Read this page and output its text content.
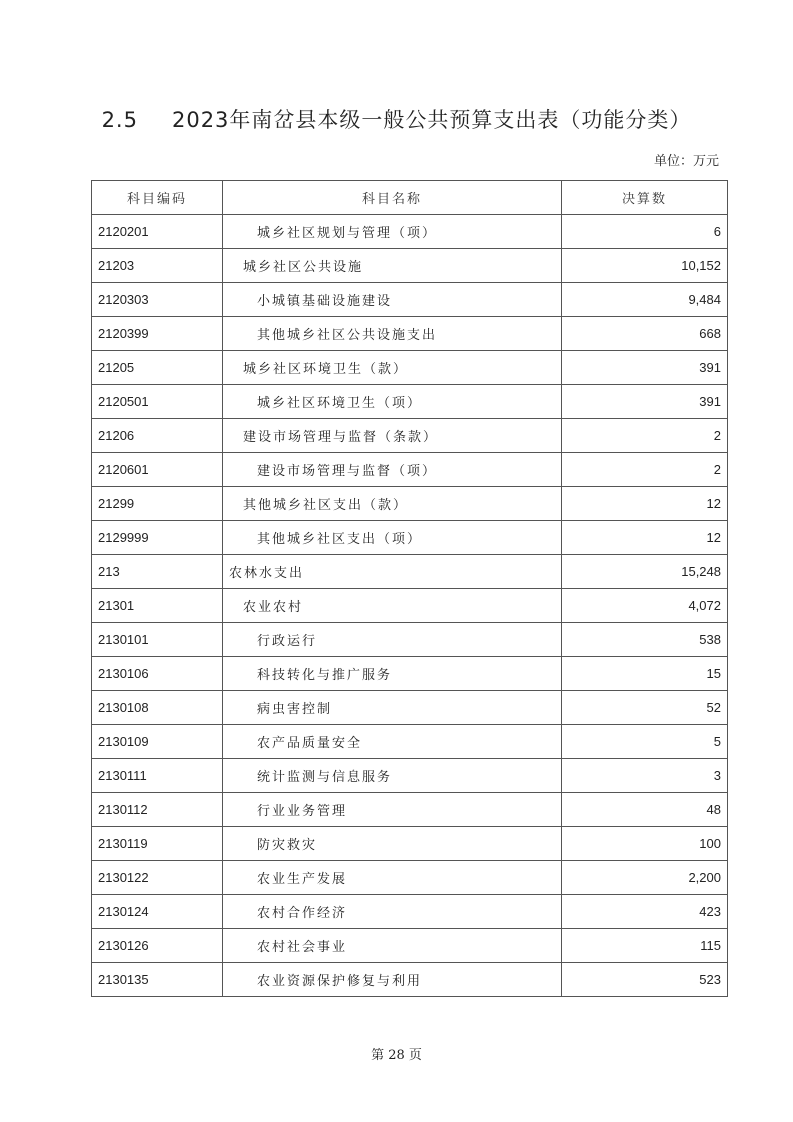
2.5 2023年南岔县本级一般公共预算支出表（功能分类）
单位：万元
科目编码	科目名称	决算数
2120201	城乡社区规划与管理（项）	6
21203	城乡社区公共设施	10,152
2120303	小城镇基础设施建设	9,484
2120399	其他城乡社区公共设施支出	668
21205	城乡社区环境卫生（款）	391
2120501	城乡社区环境卫生（项）	391
21206	建设市场管理与监督（条款）	2
2120601	建设市场管理与监督（项）	2
21299	其他城乡社区支出（款）	12
2129999	其他城乡社区支出（项）	12
213	农林水支出	15,248
21301	农业农村	4,072
2130101	行政运行	538
2130106	科技转化与推广服务	15
2130108	病虫害控制	52
2130109	农产品质量安全	5
2130111	统计监测与信息服务	3
2130112	行业业务管理	48
2130119	防灾救灾	100
2130122	农业生产发展	2,200
2130124	农村合作经济	423
2130126	农村社会事业	115
2130135	农业资源保护修复与利用	523
第 28 页
